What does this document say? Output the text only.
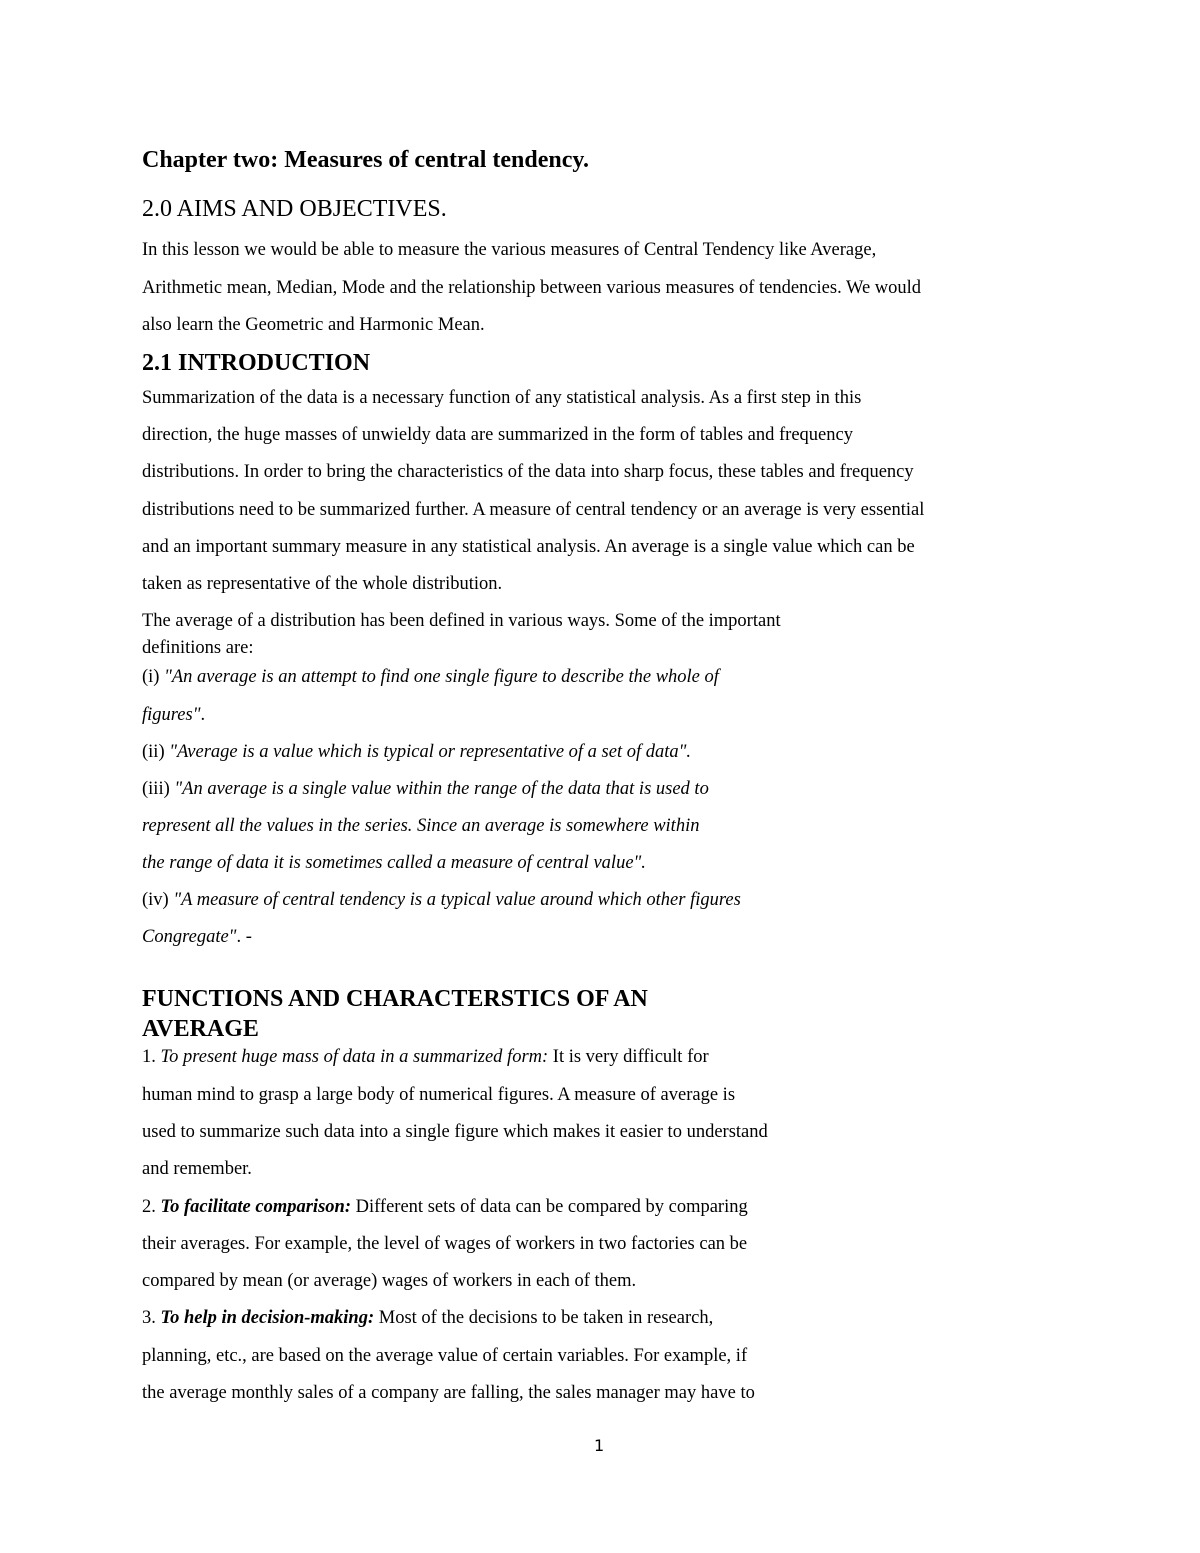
Chapter two: Measures of central tendency.
2.0 AIMS AND OBJECTIVES.
In this lesson we would be able to measure the various measures of Central Tendency like Average,
Arithmetic mean, Median, Mode and the relationship between various measures of tendencies. We would
also learn the Geometric and Harmonic Mean.
2.1 INTRODUCTION
Summarization of the data is a necessary function of any statistical analysis. As a first step in this
direction, the huge masses of unwieldy data are summarized in the form of tables and frequency
distributions. In order to bring the characteristics of the data into sharp focus, these tables and frequency
distributions need to be summarized further. A measure of central tendency or an average is very essential
and an important summary measure in any statistical analysis. An average is a single value which can be
taken as representative of the whole distribution.
The average of a distribution has been defined in various ways. Some of the important
definitions are:
(i) "An average is an attempt to find one single figure to describe the whole of
figures".
(ii) "Average is a value which is typical or representative of a set of data".
(iii) "An average is a single value within the range of the data that is used to
represent all the values in the series. Since an average is somewhere within
the range of data it is sometimes called a measure of central value".
(iv) "A measure of central tendency is a typical value around which other figures
Congregate". -
FUNCTIONS AND CHARACTERSTICS OF AN
AVERAGE
1. To present huge mass of data in a summarized form: It is very difficult for
human mind to grasp a large body of numerical figures. A measure of average is
used to summarize such data into a single figure which makes it easier to understand
and remember.
2. To facilitate comparison: Different sets of data can be compared by comparing
their averages. For example, the level of wages of workers in two factories can be
compared by mean (or average) wages of workers in each of them.
3. To help in decision-making: Most of the decisions to be taken in research,
planning, etc., are based on the average value of certain variables. For example, if
the average monthly sales of a company are falling, the sales manager may have to
1
